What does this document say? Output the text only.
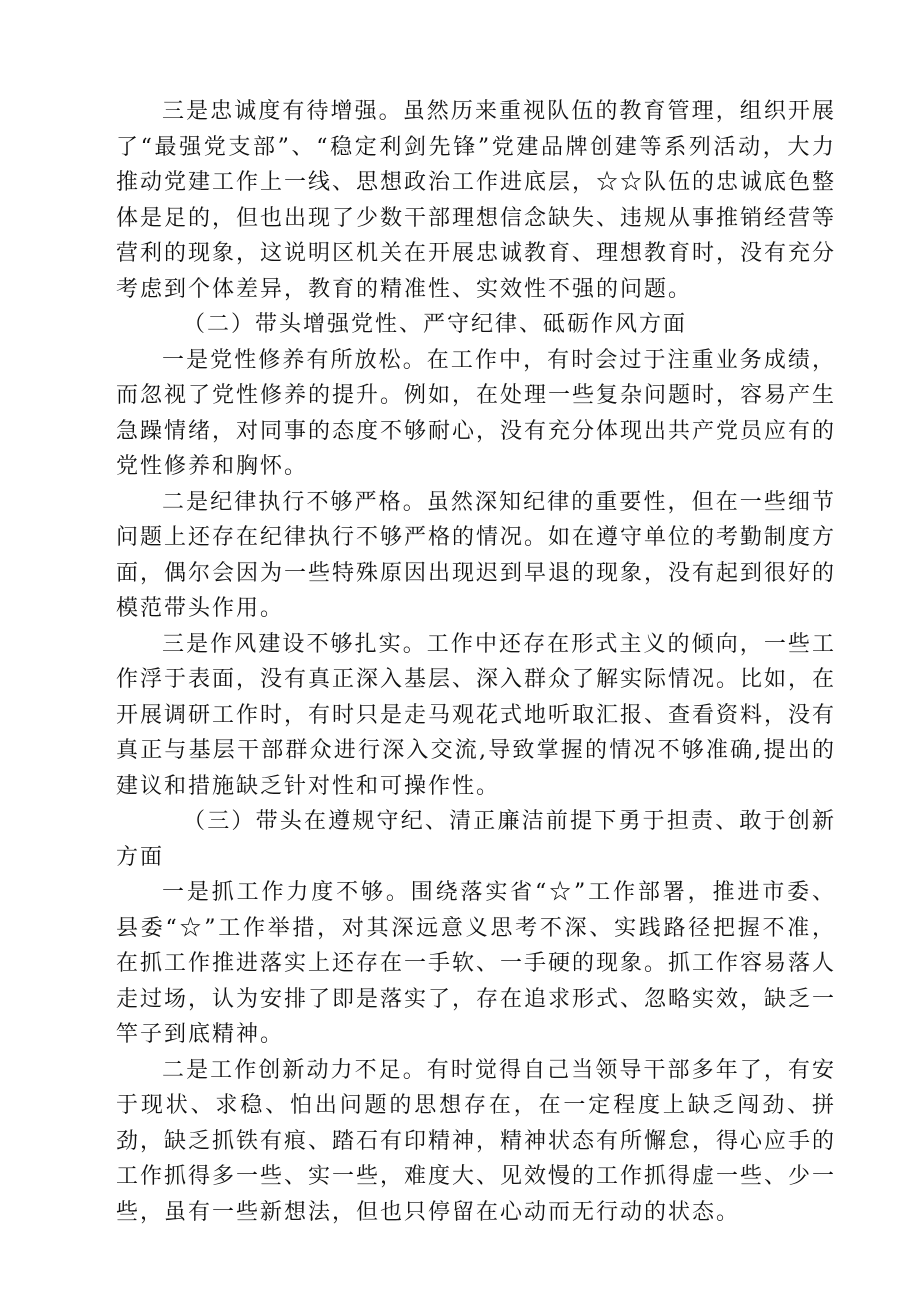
三是忠诚度有待增强。虽然历来重视队伍的教育管理，组织开展了“最强党支部”、“稳定利剑先锋”党建品牌创建等系列活动，大力推动党建工作上一线、思想政治工作进底层，☆☆队伍的忠诚底色整体是足的，但也出现了少数干部理想信念缺失、违规从事推销经营等营利的现象，这说明区机关在开展忠诚教育、理想教育时，没有充分考虑到个体差异，教育的精准性、实效性不强的问题。

（二）带头增强党性、严守纪律、砥砺作风方面

一是党性修养有所放松。在工作中，有时会过于注重业务成绩，而忽视了党性修养的提升。例如，在处理一些复杂问题时，容易产生急躁情绪，对同事的态度不够耐心，没有充分体现出共产党员应有的党性修养和胸怀。

二是纪律执行不够严格。虽然深知纪律的重要性，但在一些细节问题上还存在纪律执行不够严格的情况。如在遵守单位的考勤制度方面，偶尔会因为一些特殊原因出现迟到早退的现象，没有起到很好的模范带头作用。

三是作风建设不够扎实。工作中还存在形式主义的倾向，一些工作浮于表面，没有真正深入基层、深入群众了解实际情况。比如，在开展调研工作时，有时只是走马观花式地听取汇报、查看资料，没有真正与基层干部群众进行深入交流,导致掌握的情况不够准确,提出的建议和措施缺乏针对性和可操作性。

（三）带头在遵规守纪、清正廉洁前提下勇于担责、敢于创新方面

一是抓工作力度不够。围绕落实省“☆”工作部署，推进市委、县委“☆”工作举措，对其深远意义思考不深、实践路径把握不准，在抓工作推进落实上还存在一手软、一手硬的现象。抓工作容易落人走过场，认为安排了即是落实了，存在追求形式、忽略实效，缺乏一竿子到底精神。

二是工作创新动力不足。有时觉得自己当领导干部多年了，有安于现状、求稳、怕出问题的思想存在，在一定程度上缺乏闯劲、拼劲，缺乏抓铁有痕、踏石有印精神，精神状态有所懈怠，得心应手的工作抓得多一些、实一些，难度大、见效慢的工作抓得虚一些、少一些，虽有一些新想法，但也只停留在心动而无行动的状态。
